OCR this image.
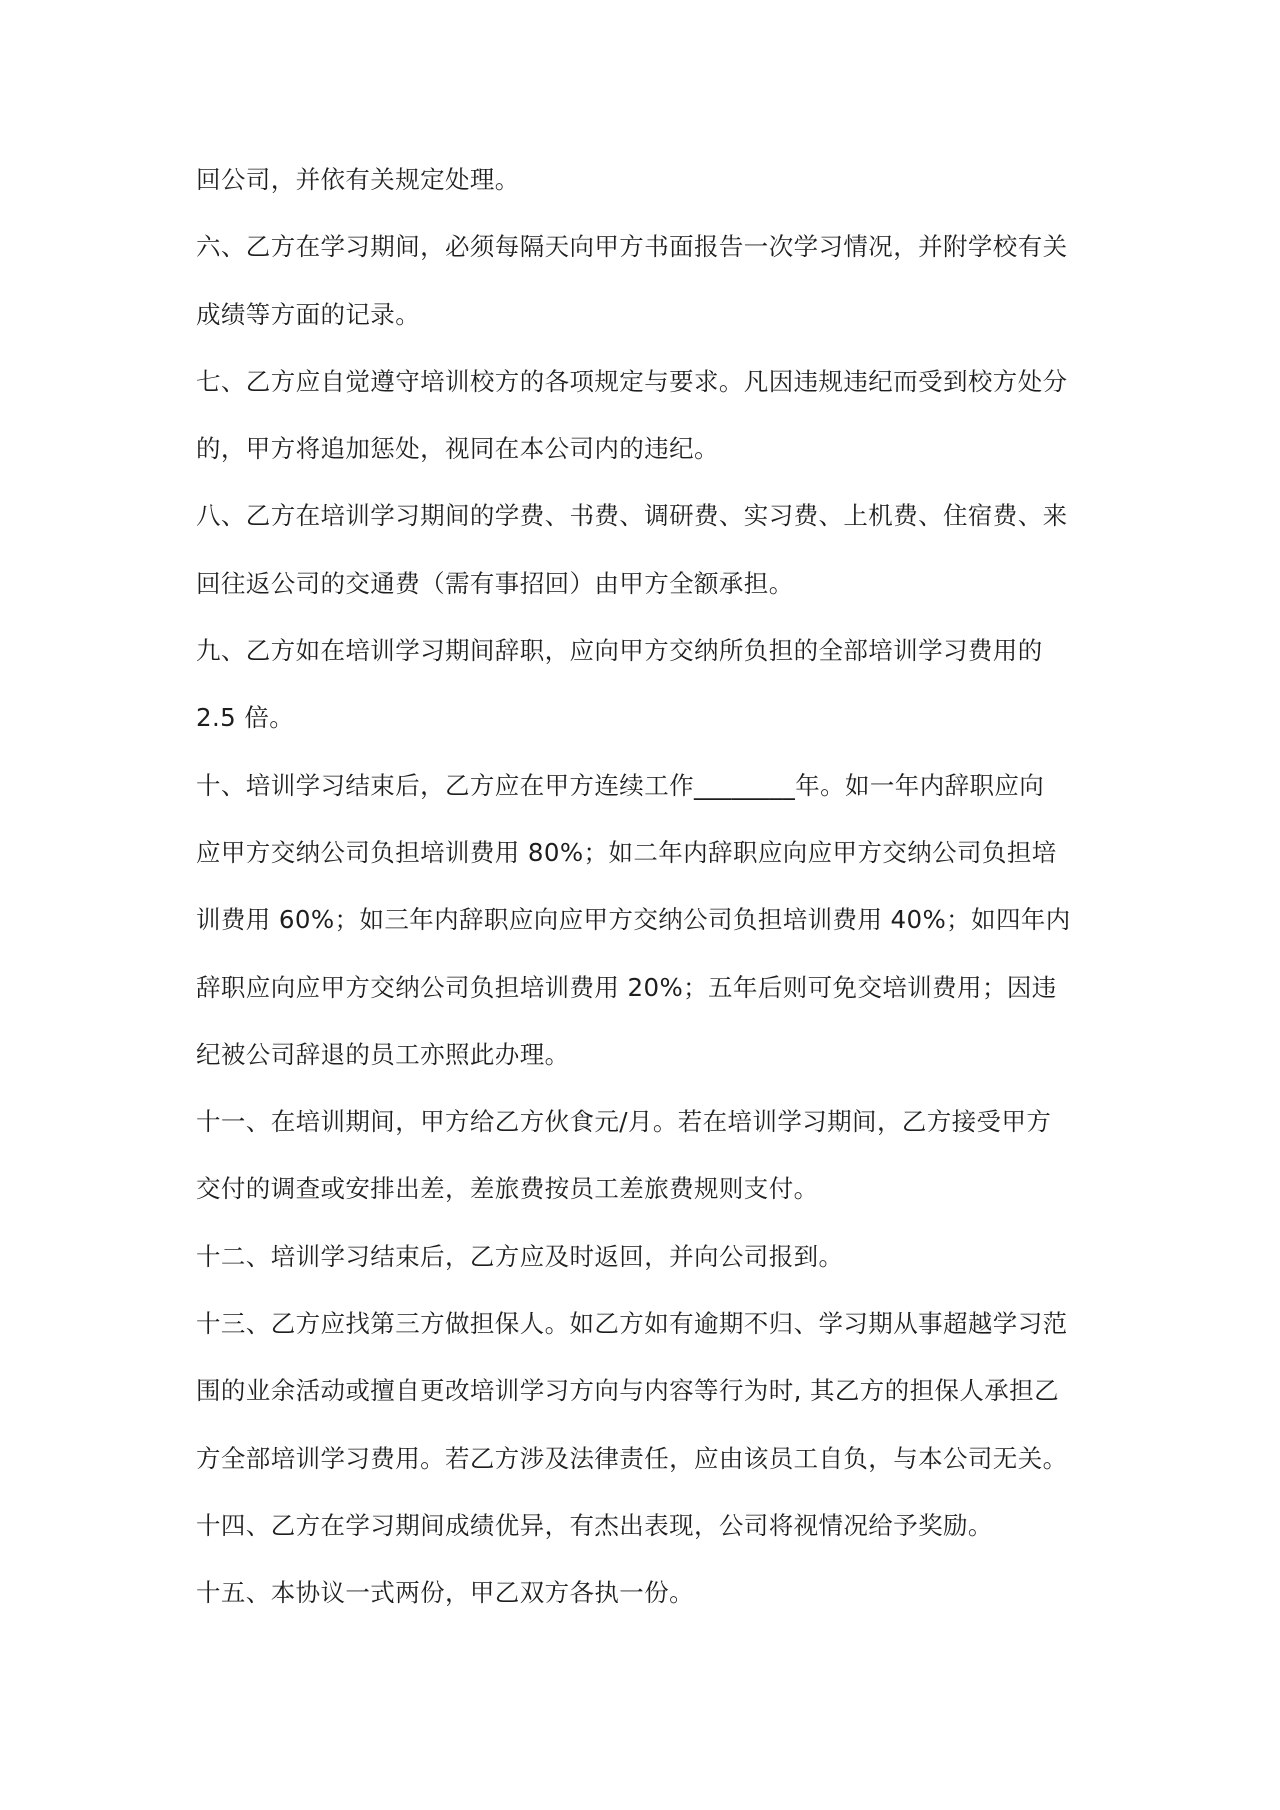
回公司，并依有关规定处理。
六、乙方在学习期间，必须每隔天向甲方书面报告一次学习情况，并附学校有关
成绩等方面的记录。
七、乙方应自觉遵守培训校方的各项规定与要求。凡因违规违纪而受到校方处分
的，甲方将追加惩处，视同在本公司内的违纪。
八、乙方在培训学习期间的学费、书费、调研费、实习费、上机费、住宿费、来
回往返公司的交通费（需有事招回）由甲方全额承担。
九、乙方如在培训学习期间辞职，应向甲方交纳所负担的全部培训学习费用的
2.5 倍。
十、培训学习结束后，乙方应在甲方连续工作________年。如一年内辞职应向
应甲方交纳公司负担培训费用 80%；如二年内辞职应向应甲方交纳公司负担培
训费用 60%；如三年内辞职应向应甲方交纳公司负担培训费用 40%；如四年内
辞职应向应甲方交纳公司负担培训费用 20%；五年后则可免交培训费用；因违
纪被公司辞退的员工亦照此办理。
十一、在培训期间，甲方给乙方伙食元/月。若在培训学习期间，乙方接受甲方
交付的调查或安排出差，差旅费按员工差旅费规则支付。
十二、培训学习结束后，乙方应及时返回，并向公司报到。
十三、乙方应找第三方做担保人。如乙方如有逾期不归、学习期从事超越学习范
围的业余活动或擅自更改培训学习方向与内容等行为时, 其乙方的担保人承担乙
方全部培训学习费用。若乙方涉及法律责任，应由该员工自负，与本公司无关。
十四、乙方在学习期间成绩优异，有杰出表现，公司将视情况给予奖励。
十五、本协议一式两份，甲乙双方各执一份。
